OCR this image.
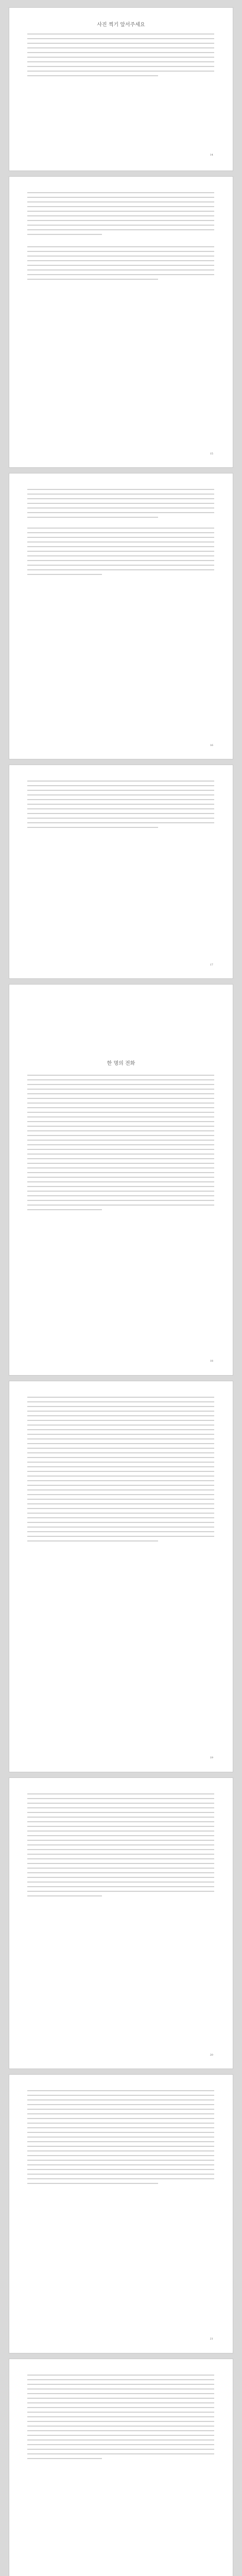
사진 찍기 앞서주세요
14
15
16
17
한 명의 전화
18
19
20
21
